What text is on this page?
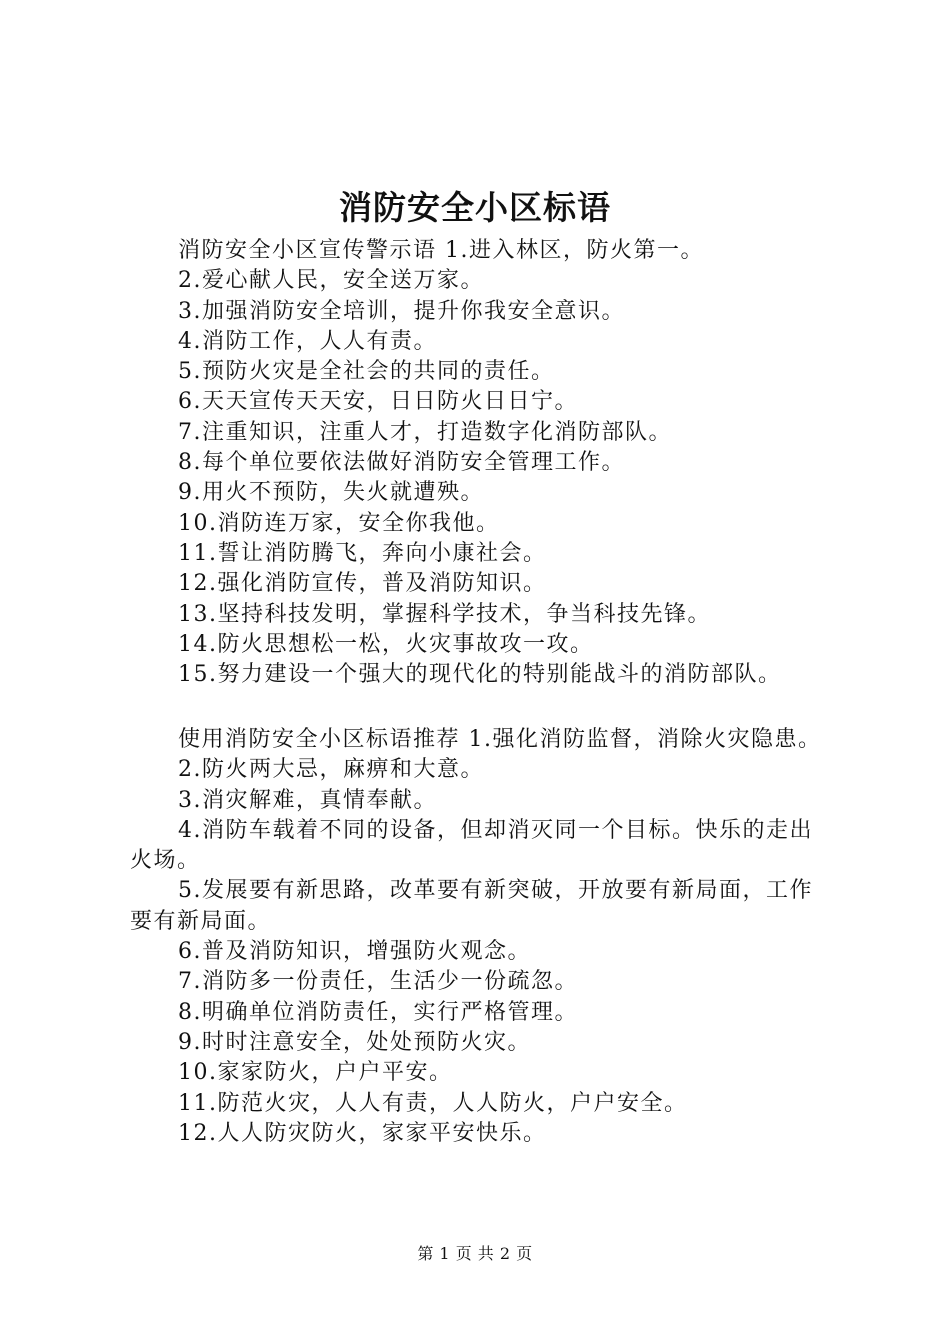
消防安全小区标语

消防安全小区宣传警示语 1.进入林区，防火第一。

2.爱心献人民，安全送万家。

3.加强消防安全培训，提升你我安全意识。

4.消防工作，人人有责。

5.预防火灾是全社会的共同的责任。

6.天天宣传天天安，日日防火日日宁。

7.注重知识，注重人才，打造数字化消防部队。

8.每个单位要依法做好消防安全管理工作。

9.用火不预防，失火就遭殃。

10.消防连万家，安全你我他。

11.誓让消防腾飞，奔向小康社会。

12.强化消防宣传，普及消防知识。

13.坚持科技发明，掌握科学技术，争当科技先锋。

14.防火思想松一松，火灾事故攻一攻。

15.努力建设一个强大的现代化的特别能战斗的消防部队。

使用消防安全小区标语推荐 1.强化消防监督，消除火灾隐患。

2.防火两大忌，麻痹和大意。

3.消灾解难，真情奉献。

4.消防车载着不同的设备，但却消灭同一个目标。快乐的走出火场。

5.发展要有新思路，改革要有新突破，开放要有新局面，工作要有新局面。

6.普及消防知识，增强防火观念。

7.消防多一份责任，生活少一份疏忽。

8.明确单位消防责任，实行严格管理。

9.时时注意安全，处处预防火灾。

10.家家防火，户户平安。

11.防范火灾，人人有责，人人防火，户户安全。

12.人人防灾防火，家家平安快乐。

第 1 页 共 2 页
